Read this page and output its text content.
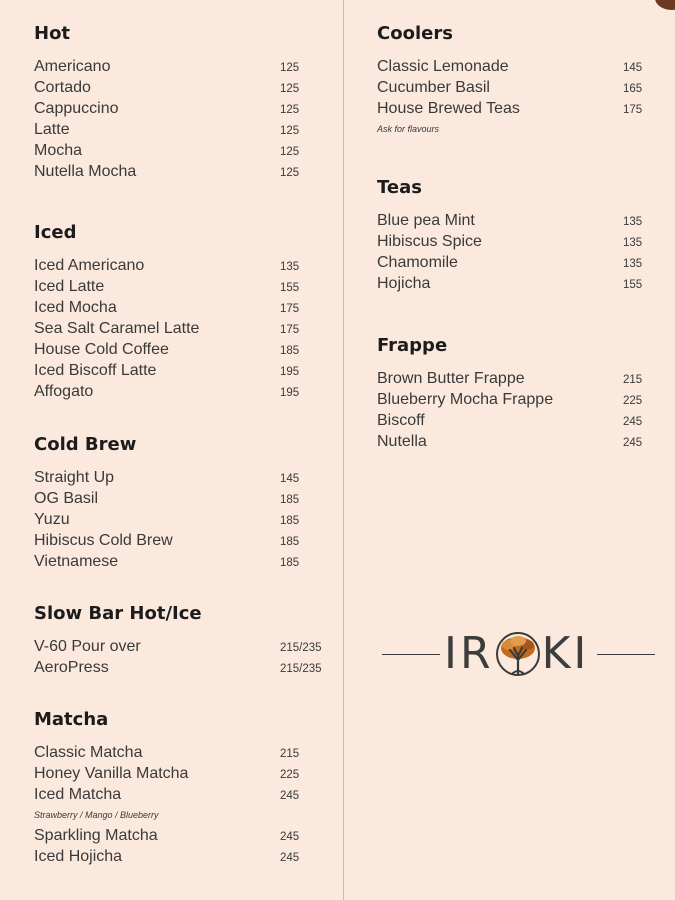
Hot
Americano	125
Cortado	125
Cappuccino	125
Latte	125
Mocha	125
Nutella Mocha	125
Iced
Iced Americano	135
Iced Latte	155
Iced Mocha	175
Sea Salt Caramel Latte	175
House Cold Coffee	185
Iced Biscoff Latte	195
Affogato	195
Cold Brew
Straight Up	145
OG Basil	185
Yuzu	185
Hibiscus Cold Brew	185
Vietnamese	185
Slow Bar Hot/Ice
V-60 Pour over	215/235
AeroPress	215/235
Matcha
Classic Matcha	215
Honey Vanilla Matcha	225
Iced Matcha	245
Strawberry / Mango / Blueberry
Sparkling Matcha	245
Iced Hojicha	245
Coolers
Classic Lemonade	145
Cucumber Basil	165
House Brewed Teas	175
Ask for flavours
Teas
Blue pea Mint	135
Hibiscus Spice	135
Chamomile	135
Hojicha	155
Frappe
Brown Butter Frappe	215
Blueberry Mocha Frappe	225
Biscoff	245
Nutella	245
IR KI
